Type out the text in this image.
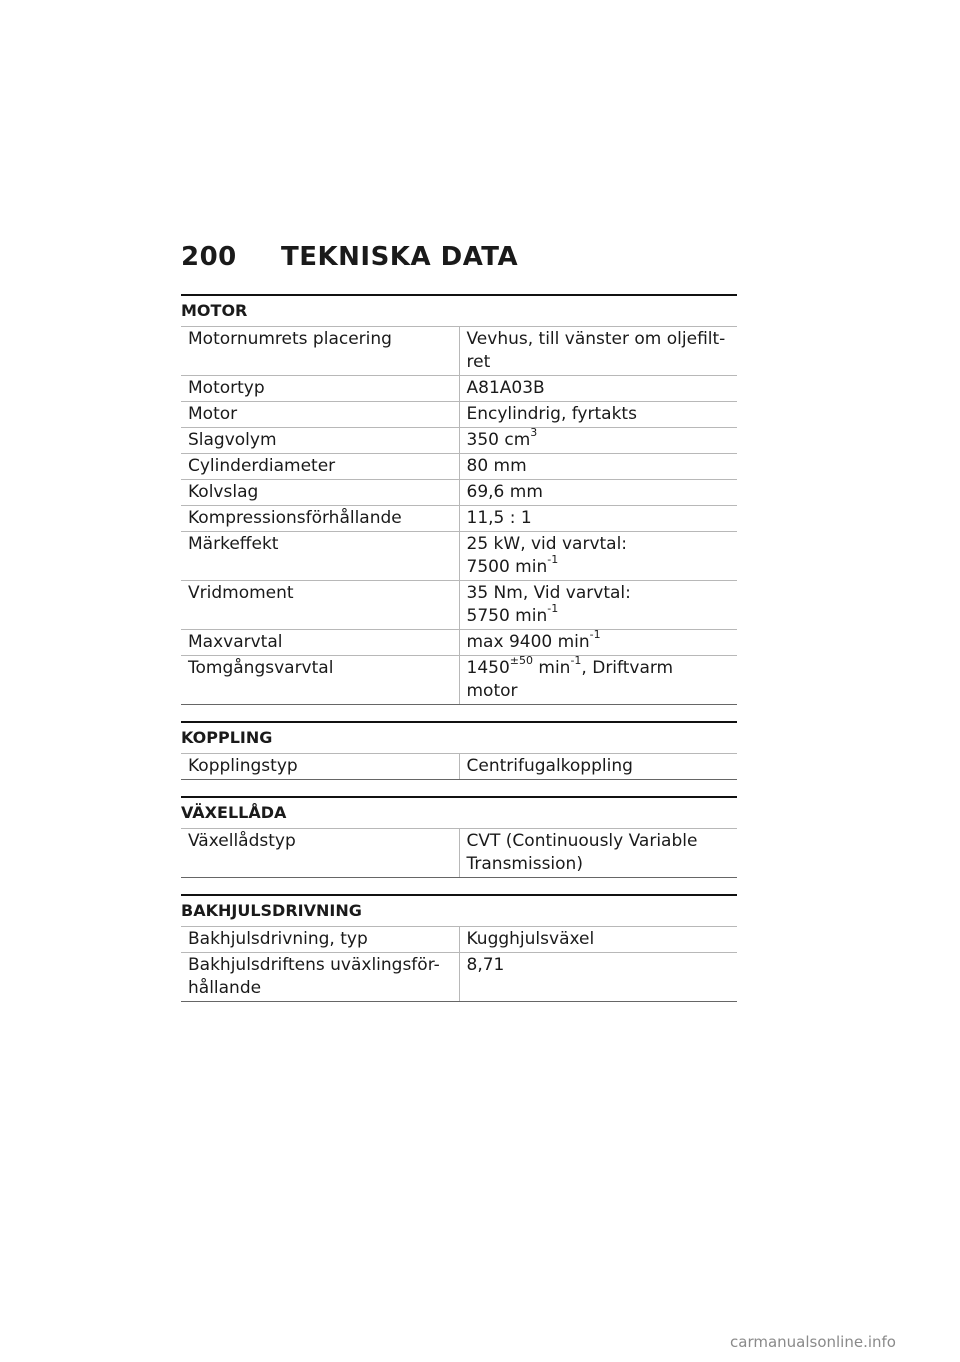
200	TEKNISKA DATA
MOTOR
Motornumrets placering	Vevhus, till vänster om oljefilt-
ret
Motortyp	A81A03B
Motor	Encylindrig, fyrtakts
Slagvolym	350 $cm^3$
Cylinderdiameter	80 mm
Kolvslag	69,6 mm
Kompressionsförhållande	11,5 : 1
Märkeffekt	25 kW, vid varvtal:
7500 $\min^{-1}$
Vridmoment	35 Nm, Vid varvtal:
5750 $\min^{-1}$
Maxvarvtal	max 9400 $\min^{-1}$
Tomgångsvarvtal	$1450^{\pm 50}$ $\min^{-1}$, Driftvarm
motor
KOPPLING
Kopplingstyp	Centrifugalkoppling
VÄXELLÅDA
Växellådstyp	CVT (Continuously Variable
Transmission)
BAKHJULSDRIVNING
Bakhjulsdrivning, typ	Kugghjulsväxel
Bakhjulsdriftens uväxlingsför-
hållande	8,71
carmanualsonline.info
